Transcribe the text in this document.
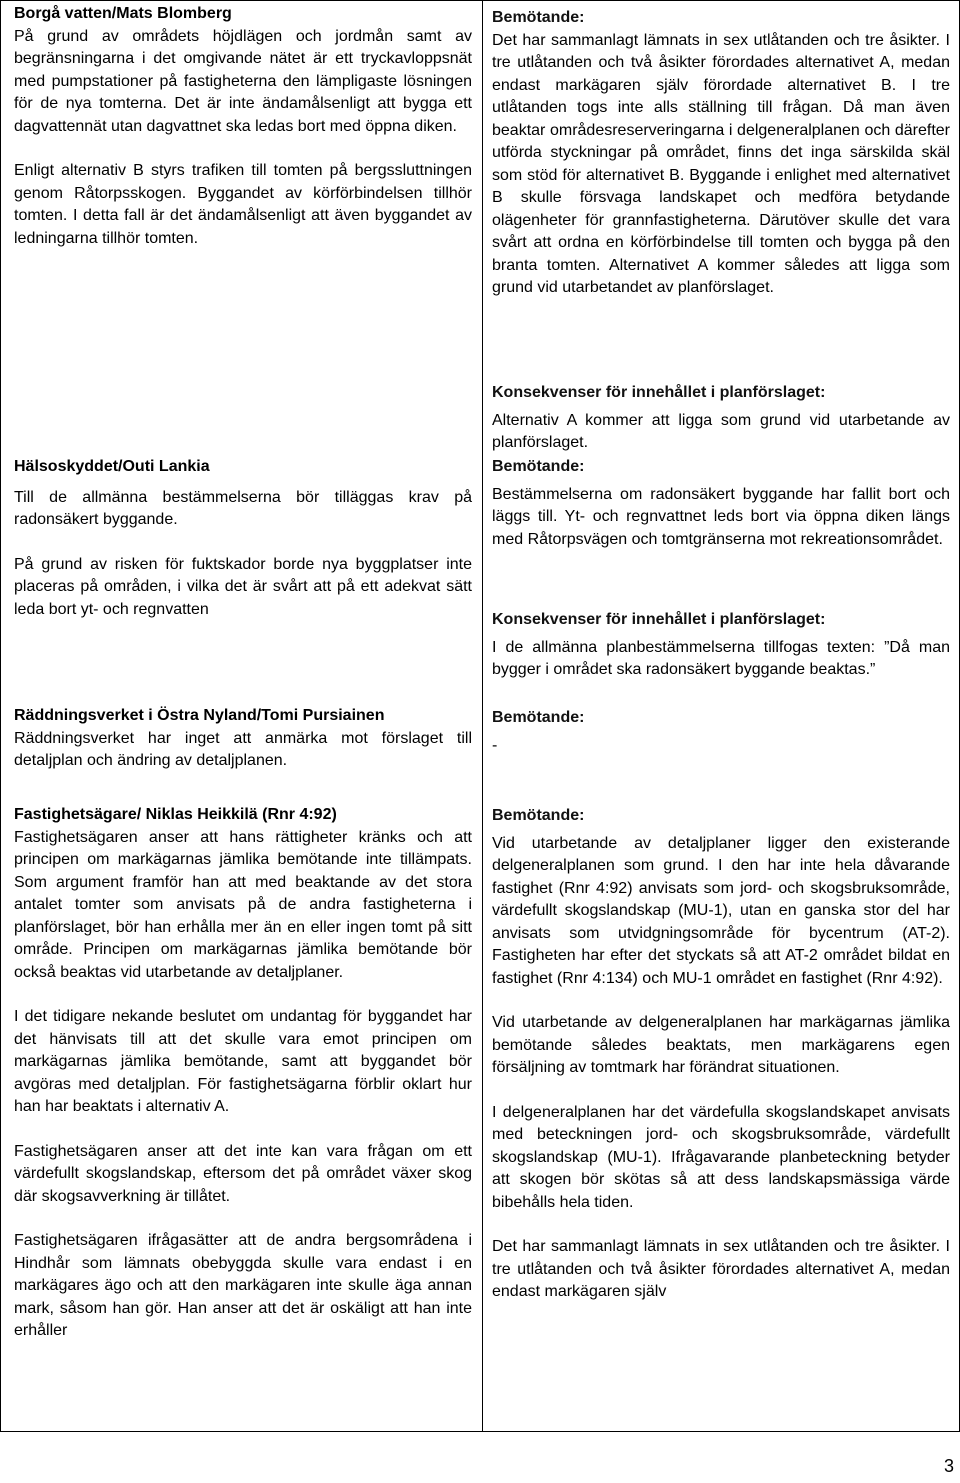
Borgå vatten/Mats Blomberg

På grund av områdets höjdlägen och jordmån samt av begränsningarna i det omgivande nätet är ett tryckavloppsnät med pumpstationer på fastigheterna den lämpligaste lösningen för de nya tomterna. Det är inte ändamålsenligt att bygga ett dagvattennät utan dagvattnet ska ledas bort med öppna diken.

Enligt alternativ B styrs trafiken till tomten på bergssluttningen genom Råtorpsskogen. Byggandet av körförbindelsen tillhör tomten. I detta fall är det ändamålsenligt att även byggandet av ledningarna tillhör tomten.

Hälsoskyddet/Outi Lankia

Till de allmänna bestämmelserna bör tilläggas krav på radonsäkert byggande.

På grund av risken för fuktskador borde nya byggplatser inte placeras på områden, i vilka det är svårt att på ett adekvat sätt leda bort yt- och regnvatten

Räddningsverket i Östra Nyland/Tomi Pursiainen

Räddningsverket har inget att anmärka mot förslaget till detaljplan och ändring av detaljplanen.

Fastighetsägare/ Niklas Heikkilä (Rnr 4:92)

Fastighetsägaren anser att hans rättigheter kränks och att principen om markägarnas jämlika bemötande inte tillämpats. Som argument framför han att med beaktande av det stora antalet tomter som anvisats på de andra fastigheterna i planförslaget, bör han erhålla mer än en eller ingen tomt på sitt område. Principen om markägarnas jämlika bemötande bör också beaktas vid utarbetande av detaljplaner.

I det tidigare nekande beslutet om undantag för byggandet har det hänvisats till att det skulle vara emot principen om markägarnas jämlika bemötande, samt att byggandet bör avgöras med detaljplan. För fastighetsägarna förblir oklart hur han har beaktats i alternativ A.

Fastighetsägaren anser att det inte kan vara frågan om ett värdefullt skogslandskap, eftersom det på området växer skog där skogsavverkning är tillåtet.

Fastighetsägaren ifrågasätter att de andra bergsområdena i Hindhår som lämnats obebyggda skulle vara endast i en markägares ägo och att den markägaren inte skulle äga annan mark, såsom han gör. Han anser att det är oskäligt att han inte erhåller

Bemötande:

Det har sammanlagt lämnats in sex utlåtanden och tre åsikter. I tre utlåtanden och två åsikter förordades alternativet A, medan endast markägaren själv förordade alternativet B. I tre utlåtanden togs inte alls ställning till frågan. Då man även beaktar områdesreserveringarna i delgeneralplanen och därefter utförda styckningar på området, finns det inga särskilda skäl som stöd för alternativet B. Byggande i enlighet med alternativet B skulle försvaga landskapet och medföra betydande olägenheter för grannfastigheterna. Därutöver skulle det vara svårt att ordna en körförbindelse till tomten och bygga på den branta tomten. Alternativet A kommer således att ligga som grund vid utarbetandet av planförslaget.

Konsekvenser för innehållet i planförslaget:

Alternativ A kommer att ligga som grund vid utarbetande av planförslaget.

Bemötande:

Bestämmelserna om radonsäkert byggande har fallit bort och läggs till. Yt- och regnvattnet leds bort via öppna diken längs med Råtorpsvägen och tomtgränserna mot rekreationsområdet.

Konsekvenser för innehållet i planförslaget:

I de allmänna planbestämmelserna tillfogas texten: ”Då man bygger i området ska radonsäkert byggande beaktas.”

Bemötande:

-

Bemötande:

Vid utarbetande av detaljplaner ligger den existerande delgeneralplanen som grund. I den har inte hela dåvarande fastighet (Rnr 4:92) anvisats som jord- och skogsbruksområde, värdefullt skogslandskap (MU-1), utan en ganska stor del har anvisats som utvidgningsområde för bycentrum (AT-2). Fastigheten har efter det styckats så att AT-2 området bildat en fastighet (Rnr 4:134) och MU-1 området en fastighet (Rnr 4:92).

Vid utarbetande av delgeneralplanen har markägarnas jämlika bemötande således beaktats, men markägarens egen försäljning av tomtmark har förändrat situationen.

I delgeneralplanen har det värdefulla skogslandskapet anvisats med beteckningen jord- och skogsbruksområde, värdefullt skogslandskap (MU-1). Ifrågavarande planbeteckning betyder att skogen bör skötas så att dess landskapsmässiga värde bibehålls hela tiden.

Det har sammanlagt lämnats in sex utlåtanden och tre åsikter. I tre utlåtanden och två åsikter förordades alternativet A, medan endast markägaren själv

3
